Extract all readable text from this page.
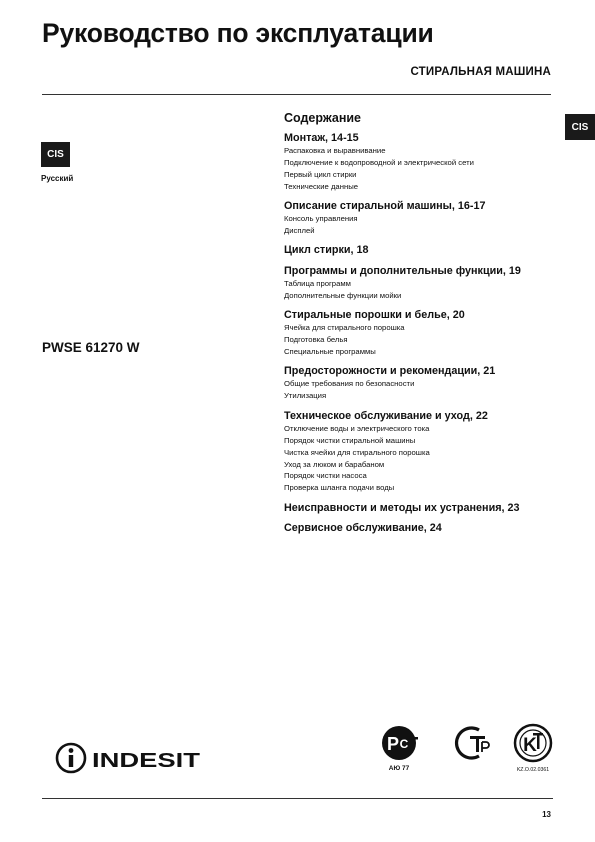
Руководство по эксплуатации
СТИРАЛЬНАЯ МАШИНА
CIS
CIS
Русский
PWSE 61270 W
Содержание
Монтаж, 14-15
Распаковка и выравнивание
Подключение к водопроводной и электрической сети
Первый цикл стирки
Технические данные
Описание стиральной машины, 16-17
Консоль управления
Дисплей
Цикл стирки, 18
Программы и дополнительные функции, 19
Таблица программ
Дополнительные функции мойки
Стиральные порошки и белье, 20
Ячейка для стирального порошка
Подготовка белья
Специальные программы
Предосторожности и рекомендации, 21
Общие требования по безопасности
Утилизация
Техническое обслуживание и уход, 22
Отключение воды и электрического тока
Порядок чистки стиральной машины
Чистка ячейки для стирального порошка
Уход за люком и барабаном
Порядок чистки насоса
Проверка шланга подачи воды
Неисправности и методы их устранения, 23
Сервисное обслуживание, 24
INDESIT
P C
АЮ 77
K
KZ.O.02.0361
13
